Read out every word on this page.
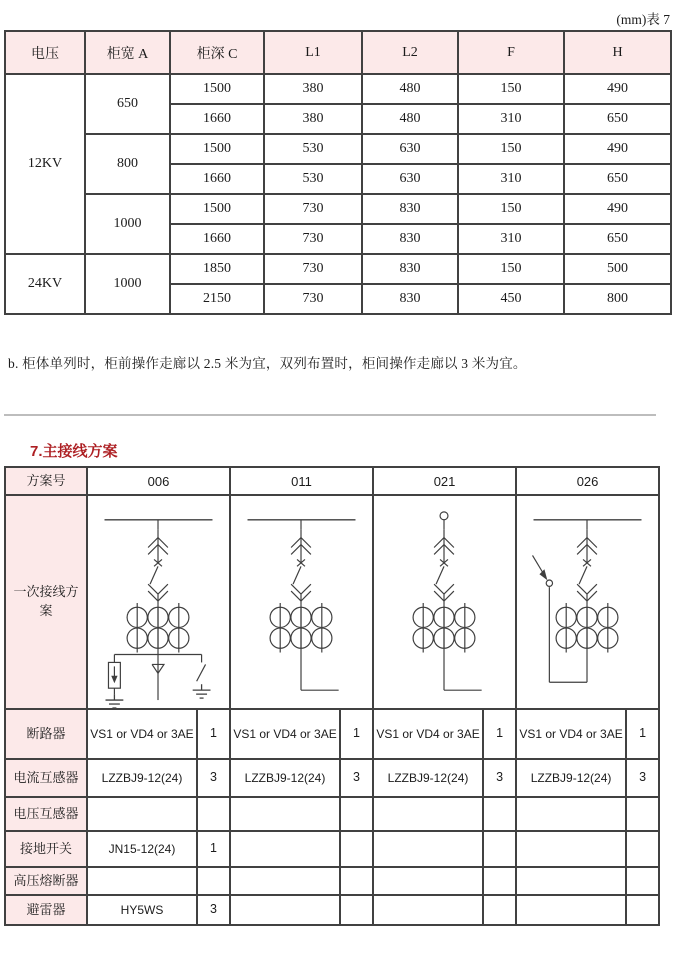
(mm)表 7
电压	柜宽 A	柜深 C	L1	L2	F	H
12KV	650	1500	380	480	150	490
		1660	380	480	310	650
	800	1500	530	630	150	490
		1660	530	630	310	650
	1000	1500	730	830	150	490
		1660	730	830	310	650
24KV	1000	1850	730	830	150	500
		2150	730	830	450	800
b. 柜体单列时，柜前操作走廊以 2.5 米为宜，双列布置时，柜间操作走廊以 3 米为宜。
7.主接线方案
方案号	006		011		021		026	
一次接线方案	

断路器	VS1 or VD4 or 3AE	1	VS1 or VD4 or 3AE	1	VS1 or VD4 or 3AE	1	VS1 or VD4 or 3AE	1
电流互感器	LZZBJ9-12(24)	3	LZZBJ9-12(24)	3	LZZBJ9-12(24)	3	LZZBJ9-12(24)	3
电压互感器								
接地开关	JN15-12(24)	1						
高压熔断器								
避雷器	HY5WS	3						
